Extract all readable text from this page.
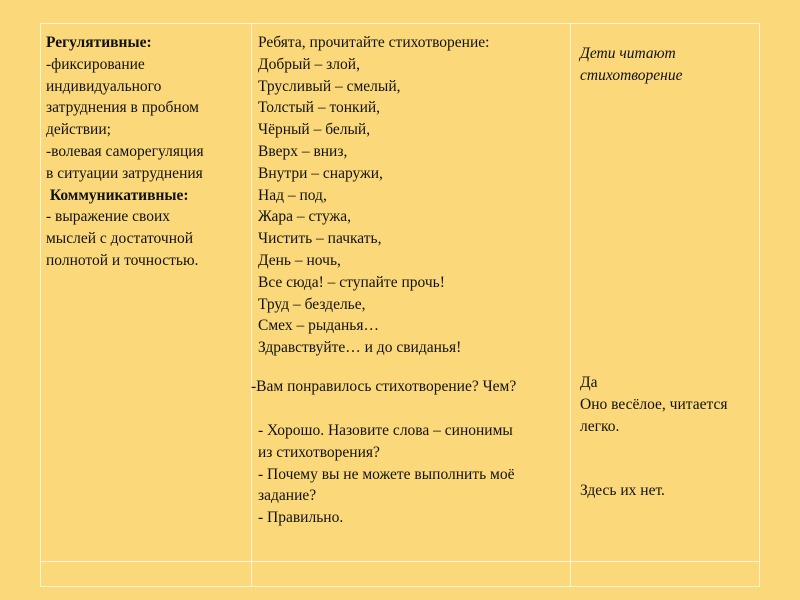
Регулятивные:
-фиксирование
индивидуального
затруднения в пробном
действии;
-волевая саморегуляция
в ситуации затруднения
Коммуникативные:
- выражение своих
мыслей с достаточной
полнотой и точностью.
Ребята, прочитайте стихотворение:
Добрый – злой,
Трусливый – смелый,
Толстый – тонкий,
Чёрный – белый,
Вверх – вниз,
Внутри – снаружи,
Над – под,
Жара – стужа,
Чистить – пачкать,
День – ночь,
Все сюда! – ступайте прочь!
Труд – безделье,
Смех – рыданья…
Здравствуйте… и до свиданья!
-Вам понравилось стихотворение? Чем?
- Хорошо. Назовите слова – синонимы
из стихотворения?
- Почему вы не можете выполнить моё
задание?
- Правильно.
Дети читают
стихотворение
Да
Оно весёлое, читается
легко.
Здесь их нет.
